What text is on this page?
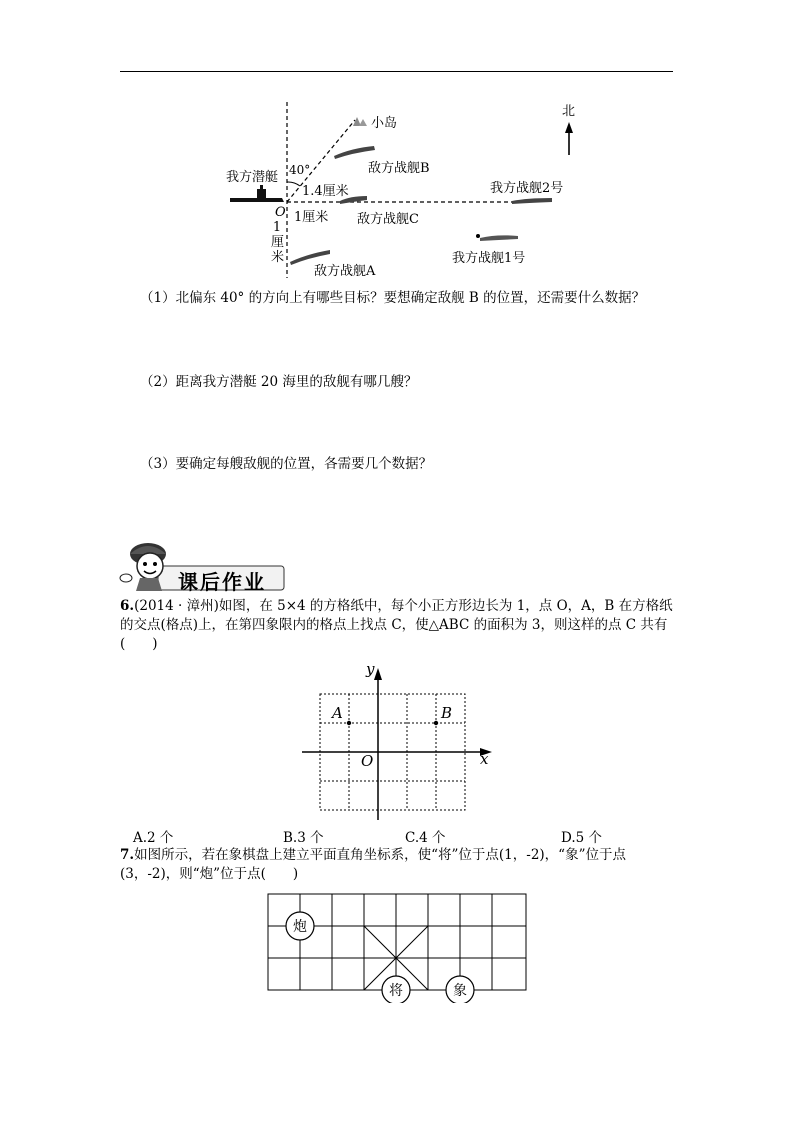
北
小岛
敌方战舰B
40°
我方潜艇
1.4厘米	我方战舰2号
O 1厘米 敌方战舰C
1
厘
米	我方战舰1号
敌方战舰A
（1）北偏东 40° 的方向上有哪些目标？要想确定敌舰 B 的位置，还需要什么数据？
（2）距离我方潜艇 20 海里的敌舰有哪几艘？
（3）要确定每艘敌舰的位置，各需要几个数据？
课后作业
6.(2014 · 漳州)如图，在 5×4 的方格纸中，每个小正方形边长为 1，点 O，A，B 在方格纸的交点(格点)上，在第四象限内的格点上找点 C，使△ABC 的面积为 3，则这样的点 C 共有(　　)
y
x
A	B
O
A.2 个	B.3 个	C.4 个	D.5 个
7.如图所示，若在象棋盘上建立平面直角坐标系，使“将”位于点(1，-2)，“象”位于点(3，-2)，则“炮”位于点(　　)
炮
将	象
